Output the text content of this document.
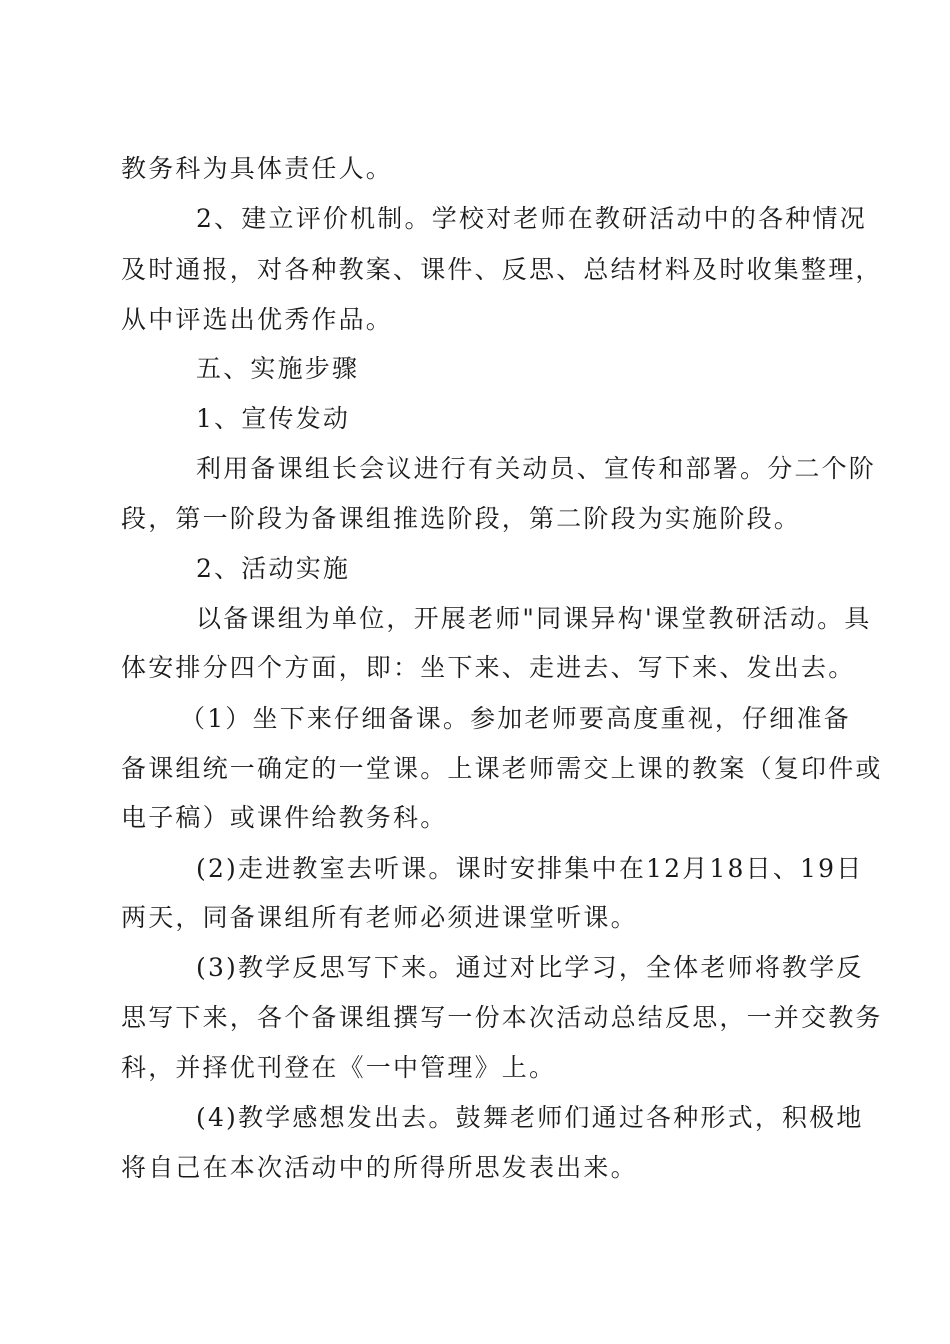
教务科为具体责任人。
2、建立评价机制。学校对老师在教研活动中的各种情况
及时通报，对各种教案、课件、反思、总结材料及时收集整理，
从中评选出优秀作品。
五、实施步骤
1、宣传发动
利用备课组长会议进行有关动员、宣传和部署。分二个阶
段，第一阶段为备课组推选阶段，第二阶段为实施阶段。
2、活动实施
以备课组为单位，开展老师"同课异构'课堂教研活动。具
体安排分四个方面，即：坐下来、走进去、写下来、发出去。
（1）坐下来仔细备课。参加老师要高度重视，仔细准备
备课组统一确定的一堂课。上课老师需交上课的教案（复印件或
电子稿）或课件给教务科。
(2)走进教室去听课。课时安排集中在12月18日、19日
两天，同备课组所有老师必须进课堂听课。
(3)教学反思写下来。通过对比学习，全体老师将教学反
思写下来，各个备课组撰写一份本次活动总结反思，一并交教务
科，并择优刊登在《一中管理》上。
(4)教学感想发出去。鼓舞老师们通过各种形式，积极地
将自己在本次活动中的所得所思发表出来。
